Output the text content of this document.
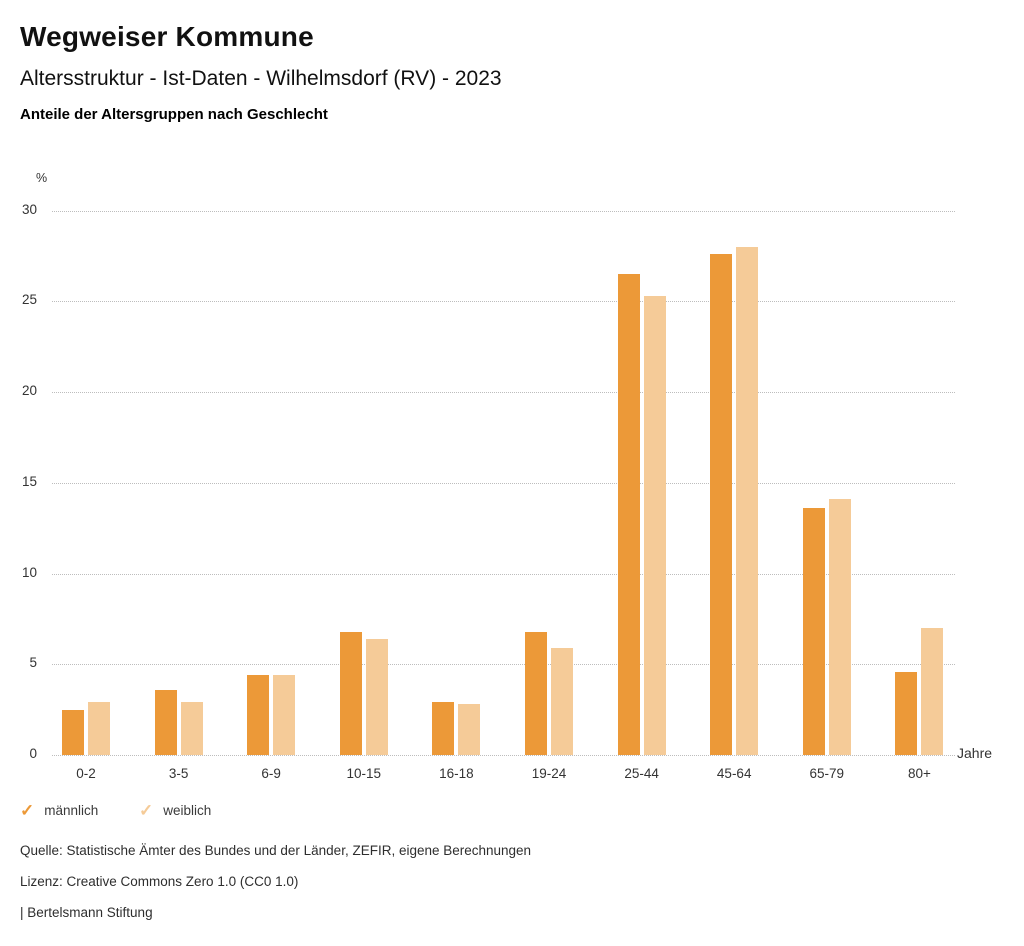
Wegweiser Kommune
Altersstruktur - Ist-Daten - Wilhelmsdorf (RV) - 2023
Anteile der Altersgruppen nach Geschlecht
%
Jahre
0
5
10
15
20
25
30
0-2	3-5	6-9	10-15	16-18	19-24	25-44	45-64	65-79	80+
✓ männlich ✓ weiblich
Quelle: Statistische Ämter des Bundes und der Länder, ZEFIR, eigene Berechnungen
Lizenz: Creative Commons Zero 1.0 (CC0 1.0)
| Bertelsmann Stiftung
